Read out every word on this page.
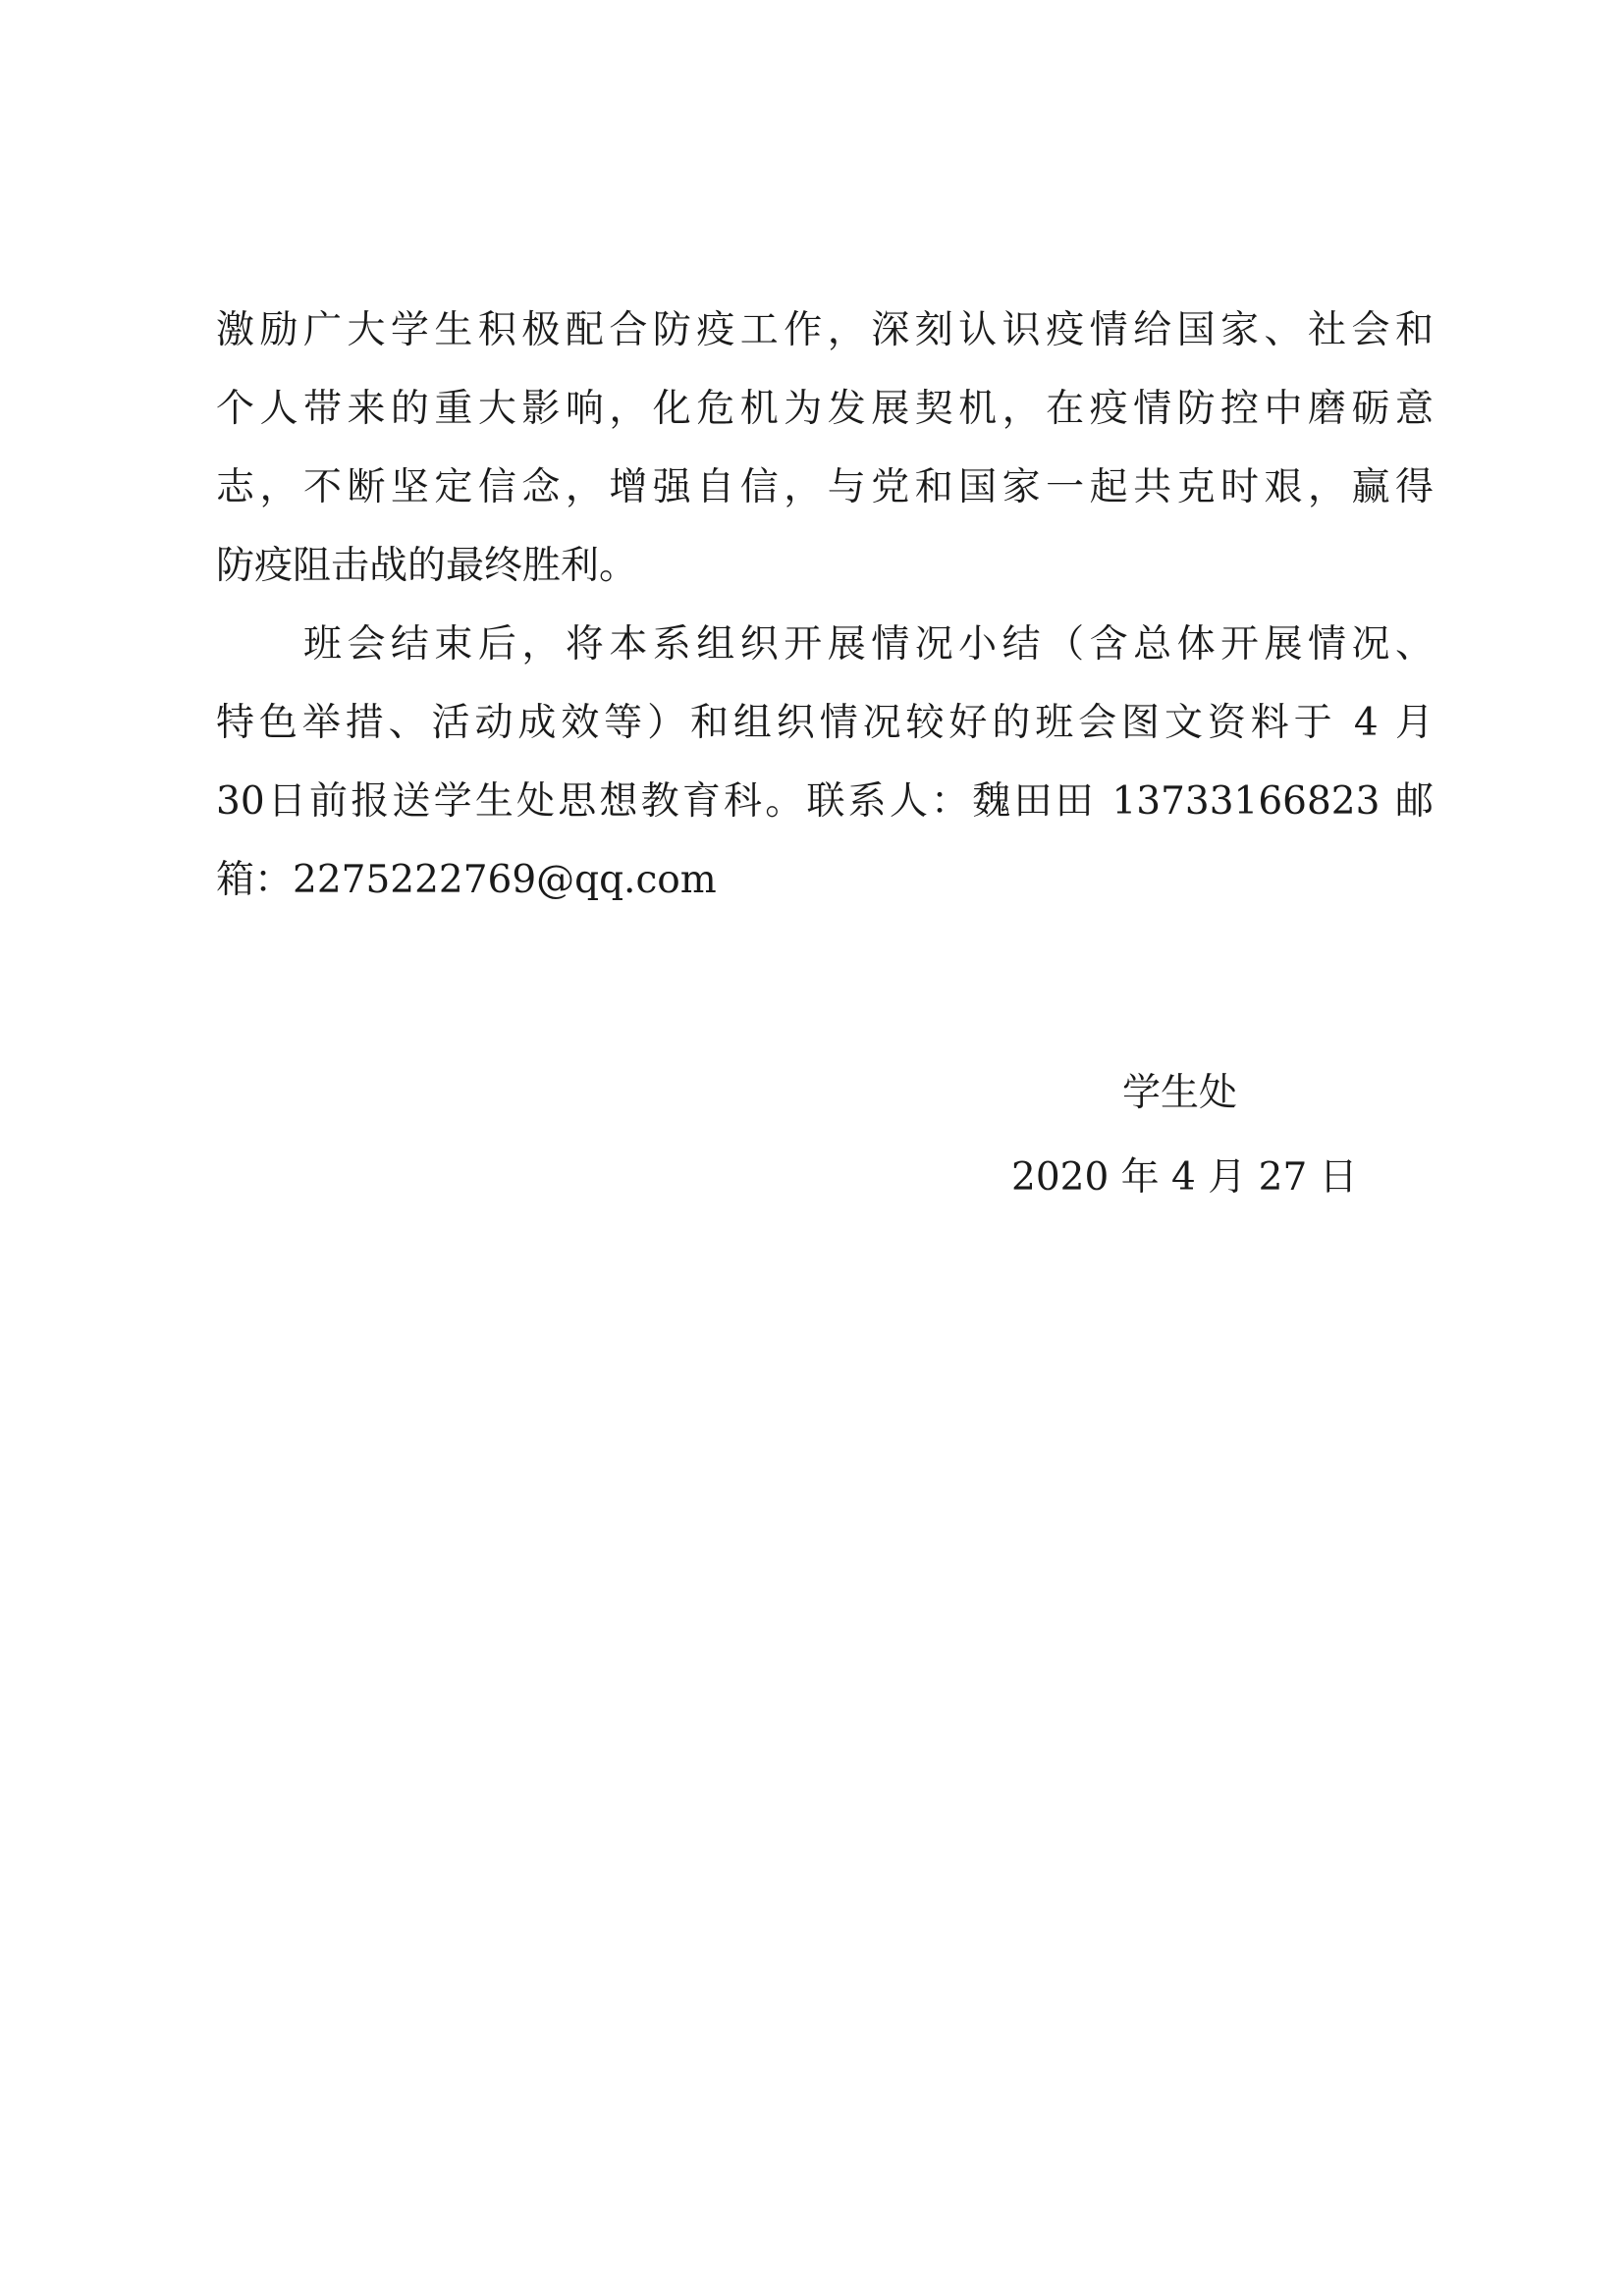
激励广大学生积极配合防疫工作，深刻认识疫情给国家、社会和
个人带来的重大影响，化危机为发展契机，在疫情防控中磨砺意
志，不断坚定信念，增强自信，与党和国家一起共克时艰，赢得
防疫阻击战的最终胜利。
　　班会结束后，将本系组织开展情况小结（含总体开展情况、
特色举措、活动成效等）和组织情况较好的班会图文资料于 4 月
30日前报送学生处思想教育科。联系人：魏田田 13733166823 邮
箱：2275222769@qq.com
学生处
2020 年 4 月 27 日
